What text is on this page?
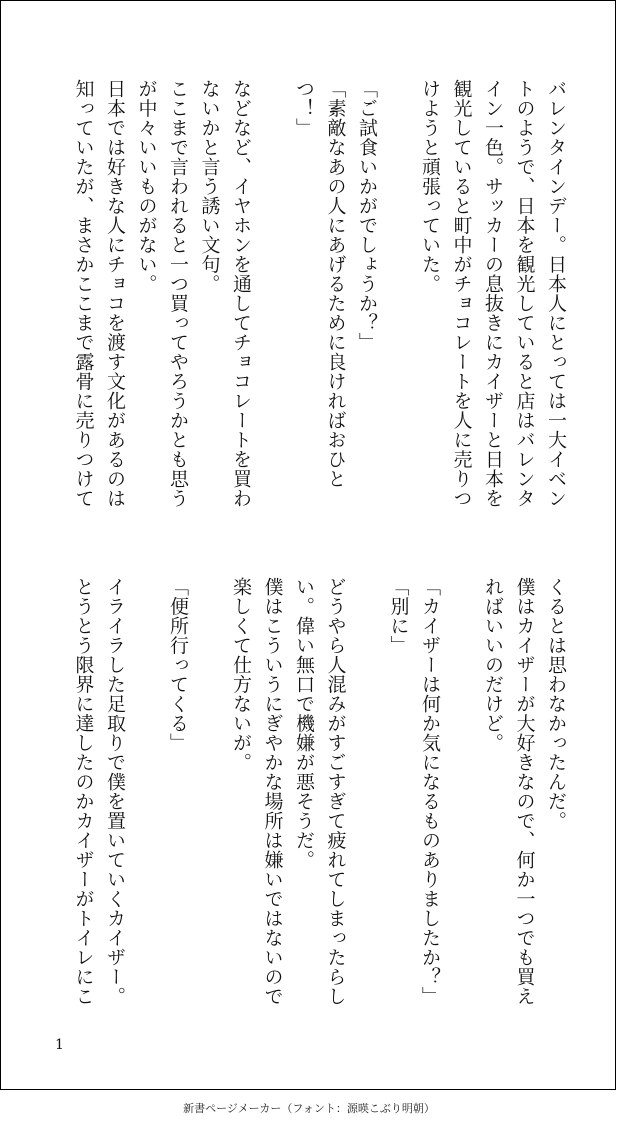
バレンタインデー。日本人にとっては一大イベン
トのようで、日本を観光していると店はバレンタ
イン一色。サッカーの息抜きにカイザーと日本を
観光していると町中がチョコレートを人に売りつ
けようと頑張っていた。
「ご試食いかがでしょうか？」
「素敵なあの人にあげるために良ければおひと
つ！」
などなど、イヤホンを通してチョコレートを買わ
ないかと言う誘い文句。
ここまで言われると一つ買ってやろうかとも思う
が中々いいものがない。
日本では好きな人にチョコを渡す文化があるのは
知っていたが、まさかここまで露骨に売りつけて
くるとは思わなかったんだ。
僕はカイザーが大好きなので、何か一つでも買え
ればいいのだけど。
「カイザーは何か気になるものありましたか？」
「別に」
どうやら人混みがすごすぎて疲れてしまったらし
い。偉い無口で機嫌が悪そうだ。
僕はこういうにぎやかな場所は嫌いではないので
楽しくて仕方ないが。
「便所行ってくる」
イライラした足取りで僕を置いていくカイザー。
とうとう限界に達したのかカイザーがトイレにこ
1
新書ページメーカー（フォント：源暎こぶり明朝）
